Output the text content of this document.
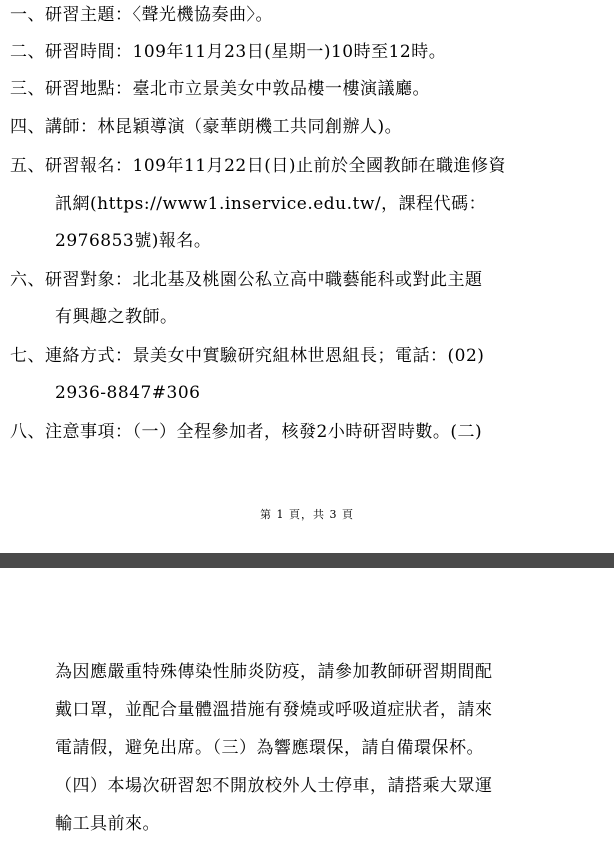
一、研習主題：〈聲光機協奏曲〉。
二、研習時間：109年11月23日(星期一)10時至12時。
三、研習地點：臺北市立景美女中敦品樓一樓演議廳。
四、講師：林昆穎導演（豪華朗機工共同創辦人)。
五、研習報名：109年11月22日(日)止前於全國教師在職進修資
訊網(https://www1.inservice.edu.tw/，課程代碼：
2976853號)報名。
六、研習對象：北北基及桃園公私立高中職藝能科或對此主題
有興趣之教師。
七、連絡方式：景美女中實驗研究組林世恩組長；電話：(02)
2936-8847#306
八、注意事項：（一）全程參加者，核發2小時研習時數。(二)
第 1 頁，共 3 頁
為因應嚴重特殊傳染性肺炎防疫，請參加教師研習期間配
戴口罩，並配合量體溫措施有發燒或呼吸道症狀者，請來
電請假，避免出席。（三）為響應環保，請自備環保杯。
（四）本場次研習恕不開放校外人士停車，請搭乘大眾運
輸工具前來。
